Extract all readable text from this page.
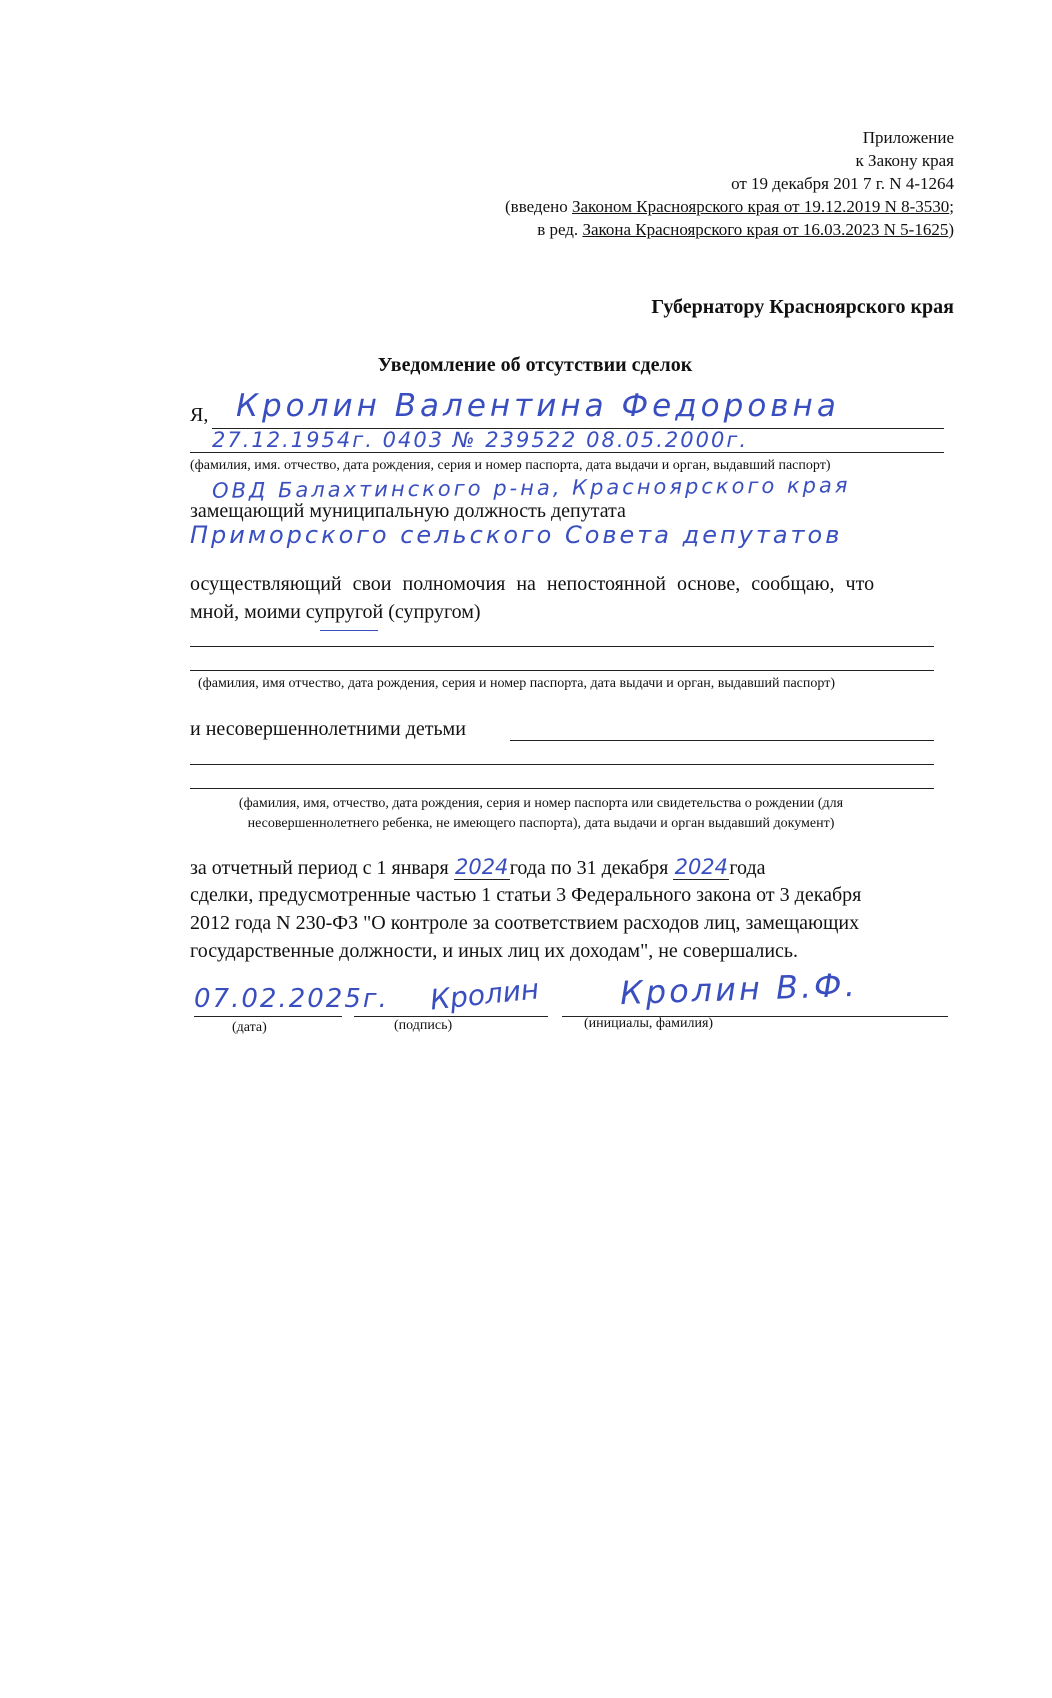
Приложение
к Закону края
от 19 декабря 201 7 г. N 4-1264
(введено Законом Красноярского края от 19.12.2019 N 8-3530;
в ред. Закона Красноярского края от 16.03.2023 N 5-1625)
Губернатору Красноярского края
Уведомление об отсутствии сделок
Я, Кролин Валентина Федоровна
27.12.1954г. 0403 № 239522 08.05.2000г.
(фамилия, имя. отчество, дата рождения, серия и номер паспорта, дата выдачи и орган, выдавший паспорт)
ОВД Балахтинского р-на, Красноярского края
замещающий муниципальную должность депутата
Приморского сельского Совета депутатов
осуществляющий свои полномочия на непостоянной основе, сообщаю, что
мной, моими супругой (супругом)
(фамилия, имя отчество, дата рождения, серия и номер паспорта, дата выдачи и орган, выдавший паспорт)
и несовершеннолетними детьми
(фамилия, имя, отчество, дата рождения, серия и номер паспорта или свидетельства о рождении (для
несовершеннолетнего ребенка, не имеющего паспорта), дата выдачи и орган выдавший документ)
за отчетный период с 1 января 2024года по 31 декабря 2024года
сделки, предусмотренные частью 1 статьи 3 Федерального закона от 3 декабря
2012 года N 230-ФЗ "О контроле за соответствием расходов лиц, замещающих
государственные должности, и иных лиц их доходам", не совершались.
07.02.2025г. Кролин Кролин В.Ф.
(дата)	(подпись)	(инициалы, фамилия)
